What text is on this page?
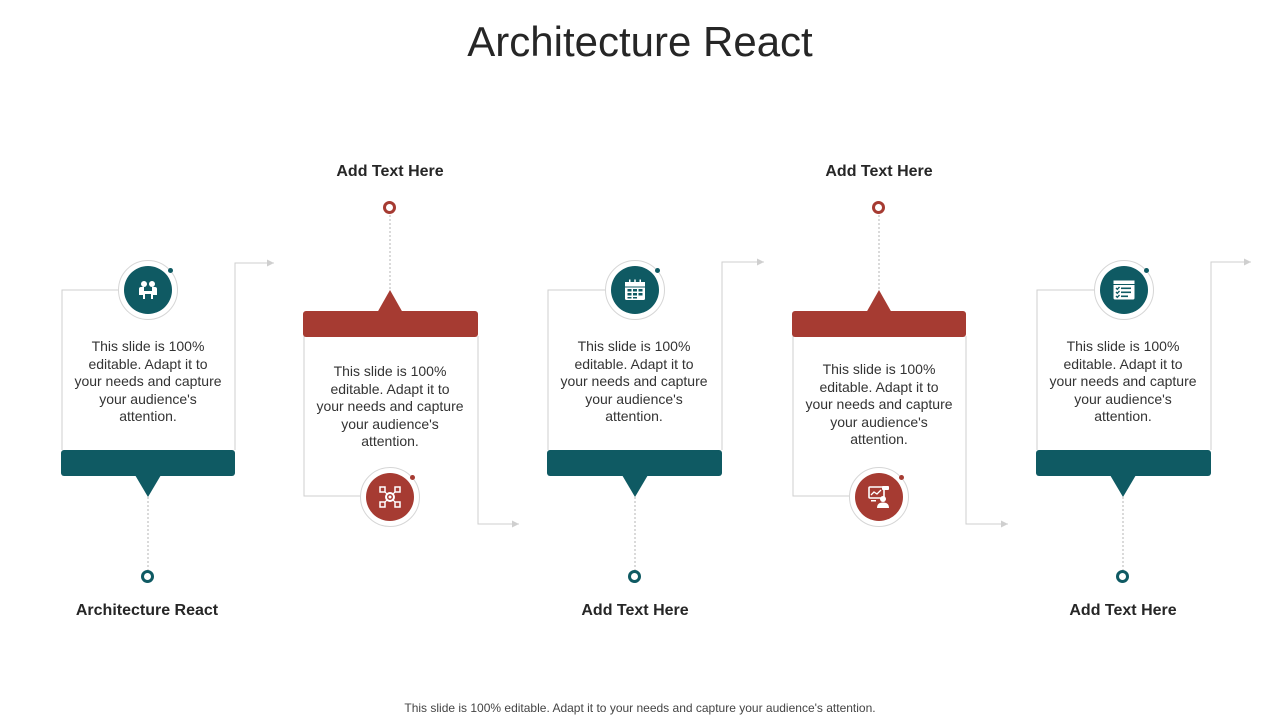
Architecture React
Architecture React
This slide is 100% editable. Adapt it to your needs and capture your audience's attention.
Add Text Here
This slide is 100% editable. Adapt it to your needs and capture your audience's attention.
Add Text Here
This slide is 100% editable. Adapt it to your needs and capture your audience's attention.
Add Text Here
This slide is 100% editable. Adapt it to your needs and capture your audience's attention.
Add Text Here
This slide is 100% editable. Adapt it to your needs and capture your audience's attention.
This slide is 100% editable. Adapt it to your needs and capture your audience's attention.
